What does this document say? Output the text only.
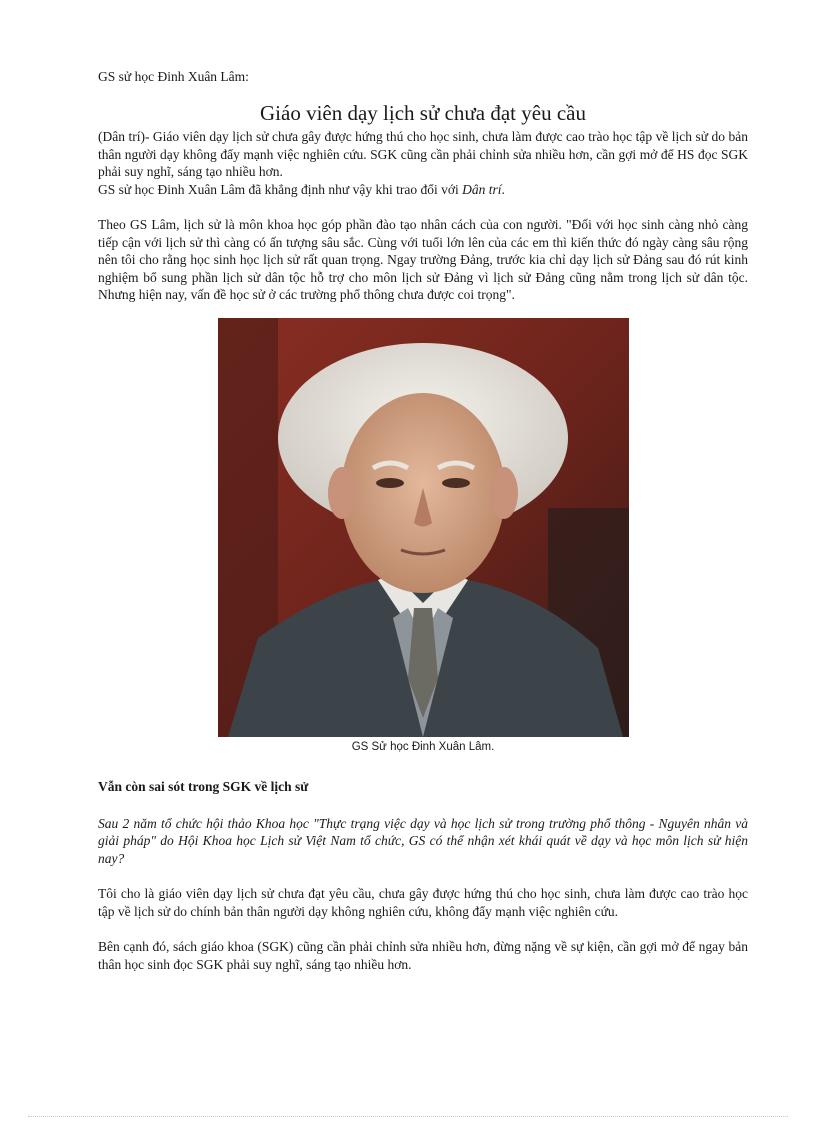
GS sử học Đinh Xuân Lâm:

Giáo viên dạy lịch sử chưa đạt yêu cầu

(Dân trí)- Giáo viên dạy lịch sử chưa gây được hứng thú cho học sinh, chưa làm được cao trào học tập về lịch sử do bản thân người dạy không đẩy mạnh việc nghiên cứu. SGK cũng cần phải chỉnh sửa nhiều hơn, cần gợi mở để HS đọc SGK phải suy nghĩ, sáng tạo nhiều hơn.

GS sử học Đinh Xuân Lâm đã khẳng định như vậy khi trao đổi với Dân trí.

Theo GS Lâm, lịch sử là môn khoa học góp phần đào tạo nhân cách của con người. "Đối với học sinh càng nhỏ càng tiếp cận với lịch sử thì càng có ấn tượng sâu sắc. Cùng với tuổi lớn lên của các em thì kiến thức đó ngày càng sâu rộng nên tôi cho rằng học sinh học lịch sử rất quan trọng. Ngay trường Đảng, trước kia chỉ dạy lịch sử Đảng sau đó rút kinh nghiệm bổ sung phần lịch sử dân tộc hỗ trợ cho môn lịch sử Đảng vì lịch sử Đảng cũng nằm trong lịch sử dân tộc. Nhưng hiện nay, vấn đề học sử ở các trường phổ thông chưa được coi trọng".

GS Sử học Đinh Xuân Lâm.

Vẫn còn sai sót trong SGK về lịch sử

Sau 2 năm tổ chức hội thảo Khoa học "Thực trạng việc dạy và học lịch sử trong trường phổ thông - Nguyên nhân và giải pháp" do Hội Khoa học Lịch sử Việt Nam tổ chức, GS có thể nhận xét khái quát về dạy và học môn lịch sử hiện nay?

Tôi cho là giáo viên dạy lịch sử chưa đạt yêu cầu, chưa gây được hứng thú cho học sinh, chưa làm được cao trào học tập về lịch sử do chính bản thân người dạy không nghiên cứu, không đẩy mạnh việc nghiên cứu.

Bên cạnh đó, sách giáo khoa (SGK) cũng cần phải chỉnh sửa nhiều hơn, đừng nặng về sự kiện, cần gợi mở để ngay bản thân học sinh đọc SGK phải suy nghĩ, sáng tạo nhiều hơn.
